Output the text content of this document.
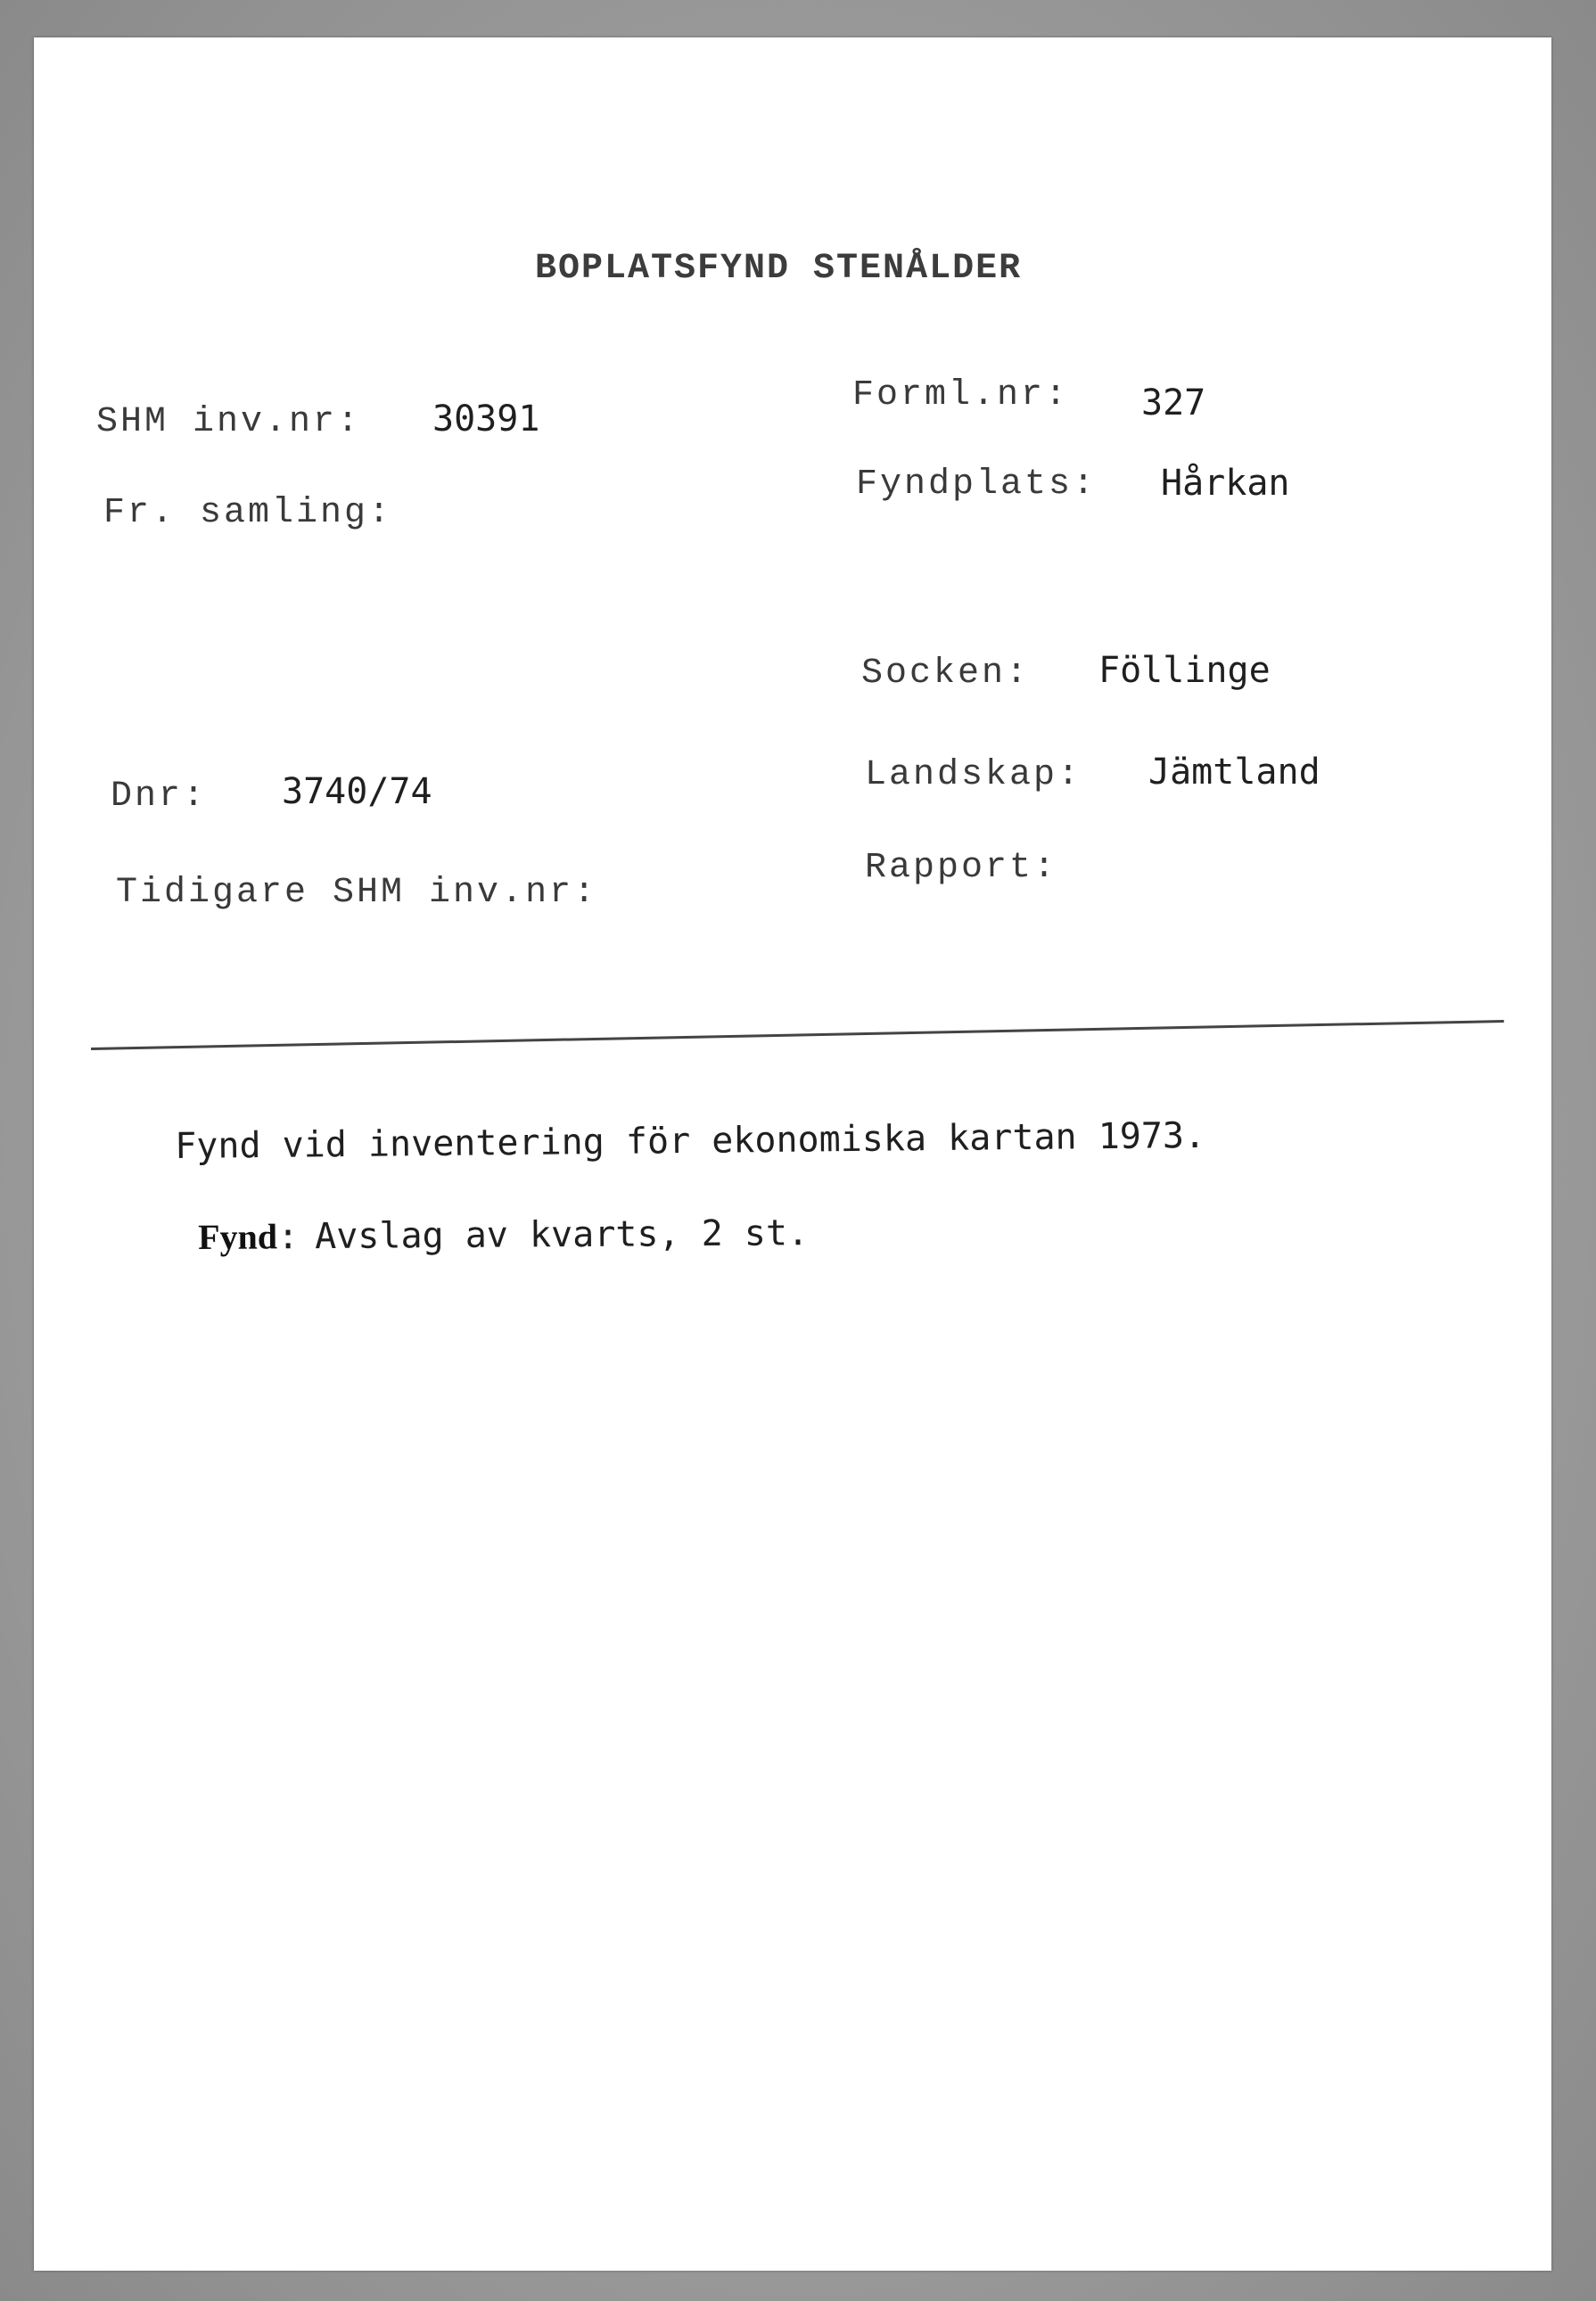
BOPLATSFYND STENÅLDER
SHM inv.nr: 30391
Fr. samling:
Dnr: 3740/74
Tidigare SHM inv.nr:
Forml.nr: 327
Fyndplats: Hårkan
Socken: Föllinge
Landskap: Jämtland
Rapport:
Fynd vid inventering för ekonomiska kartan 1973.
Fynd: Avslag av kvarts, 2 st.
